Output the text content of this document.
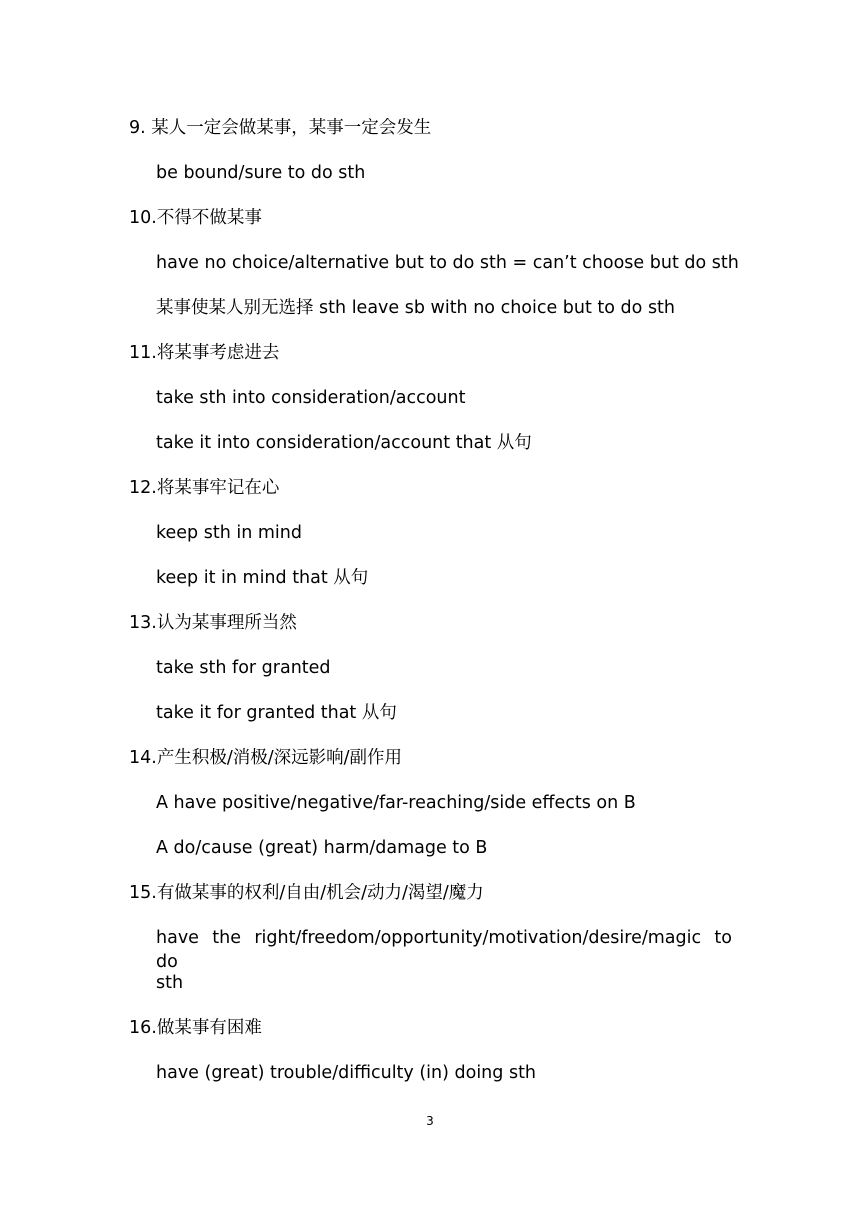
9. 某人一定会做某事，某事一定会发生
be bound/sure to do sth
10.不得不做某事
have no choice/alternative but to do sth = can’t choose but do sth
某事使某人别无选择 sth leave sb with no choice but to do sth
11.将某事考虑进去
take sth into consideration/account
take it into consideration/account that 从句
12.将某事牢记在心
keep sth in mind
keep it in mind that 从句
13.认为某事理所当然
take sth for granted
take it for granted that 从句
14.产生积极/消极/深远影响/副作用
A have positive/negative/far-reaching/side effects on B
A do/cause (great) harm/damage to B
15.有做某事的权利/自由/机会/动力/渴望/魔力
have the right/freedom/opportunity/motivation/desire/magic to do
sth
16.做某事有困难
have (great) trouble/difficulty (in) doing sth
3
